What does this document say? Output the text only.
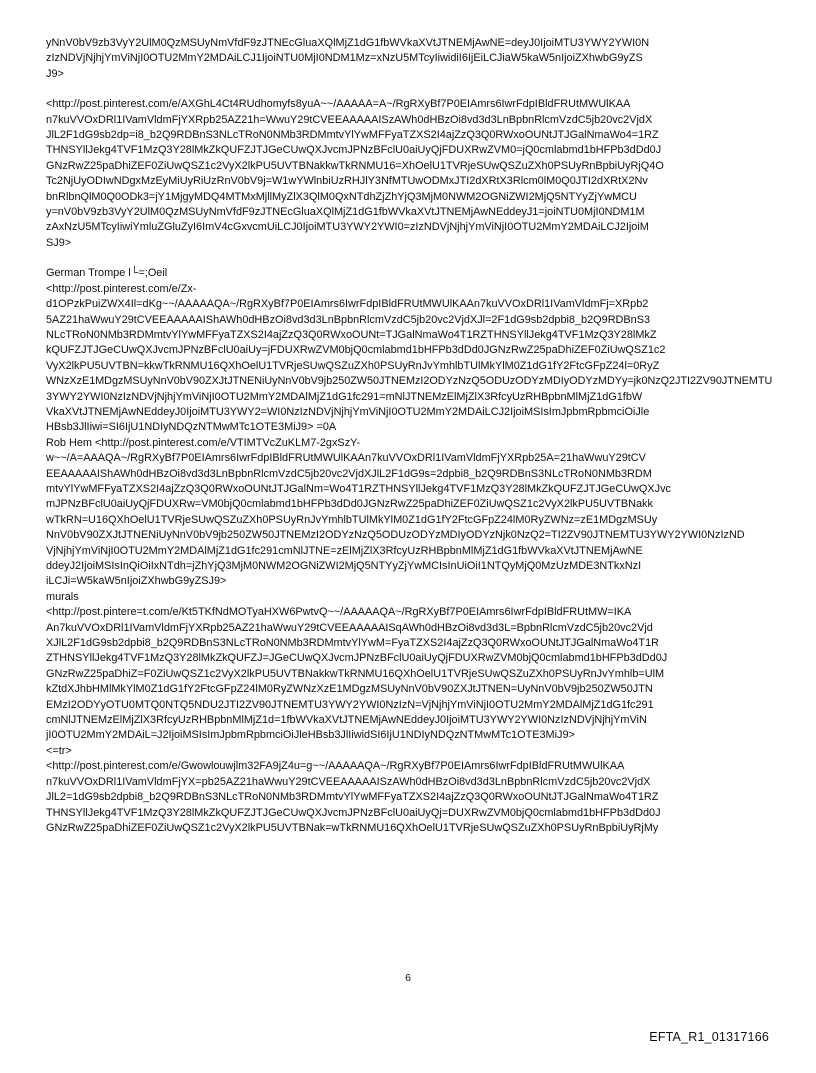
yNnV0bV9zb3VyY2UlM0QzMSUyNmVfdF9zJTNEcGluaXQlMjZ1dG1fbWVkaXVtJTNEMjAwNE=deyJ0IjoiMTU3YWY2YWI0N
zIzNDVjNjhjYmViNjI0OTU2MmY2MDAiLCJ1IjoiNTU0MjI0NDM1Mz=xNzU5MTcyIiwidiI6IjEiLCJiaW5kaW5nIjoiZXhwbG9yZS
J9>
<http://post.pinterest.com/e/AXGhL4Ct4RUdhomyfs8yuA~~/AAAAA=A~/RgRXyBf7P0EIAmrs6IwrFdpIBldFRUtMWUlKAA
n7kuVVOxDRl1IVamVldmFjYXRpb25AZ21h=WwuY29tCVEEAAAAAISzAWh0dHBzOi8vd3d3LnBpbnRlcmVzdC5jb20vc2VjdX
JlL2F1dG9sb2dp=i8_b2Q9RDBnS3NLcTRoN0NMb3RDMmtvYlYwMFFyaTZXS2I4ajZzQ3Q0RWxoOUNtJTJGalNmaWo4=1RZ
THNSYllJekg4TVF1MzQ3Y28lMkZkQUFZJTJGeCUwQXJvcmJPNzBFclU0aiUyQjFDUXRwZVM0=jQ0cmlabmd1bHFPb3dDd0J
GNzRwZ25paDhiZEF0ZiUwQSZ1c2VyX2lkPU5UVTBNakkwTkRNMU16=XhOelU1TVRjeSUwQSZuZXh0PSUyRnBpbiUyRjQ4O
Tc2NjUyODIwNDgxMzEyMiUyRiUzRnV0bV9j=W1wYWlnbiUzRHJlY3NfMTUwODMxJTI2dXRtX3Rlcm0lM0Q0JTI2dXRtX2Nv
bnRlbnQlM0Q0ODk3=jY1MjgyMDQ4MTMxMjllMyZlX3QlM0QxNTdhZjZhYjQ3MjM0NWM2OGNiZWI2MjQ5NTYyZjYwMCU
y=nV0bV9zb3VyY2UlM0QzMSUyNmVfdF9zJTNEcGluaXQlMjZ1dG1fbWVkaXVtJTNEMjAwNEddeyJ1=joiNTU0MjI0NDM1M
zAxNzU5MTcyIiwiYmluZGluZyI6ImV4cGxvcmUiLCJ0IjoiMTU3YWY2YWI0=zIzNDVjNjhjYmViNjI0OTU2MmY2MDAiLCJ2IjoiM
SJ9>
German Trompe l└=;Oeil
<http://post.pinterest.com/e/Zx-
d1OPzkPuiZWX4Il=dKg~~/AAAAAQA~/RgRXyBf7P0EIAmrs6IwrFdpIBldFRUtMWUlKAAn7kuVVOxDRl1IVamVldmFj=XRpb2
5AZ21haWwuY29tCVEEAAAAAIShAWh0dHBzOi8vd3d3LnBpbnRlcmVzdC5jb20vc2VjdXJl=2F1dG9sb2dpbi8_b2Q9RDBnS3
NLcTRoN0NMb3RDMmtvYlYwMFFyaTZXS2I4ajZzQ3Q0RWxoOUNt=TJGalNmaWo4T1RZTHNSYllJekg4TVF1MzQ3Y28lMkZ
kQUFZJTJGeCUwQXJvcmJPNzBFclU0aiUy=jFDUXRwZVM0bjQ0cmlabmd1bHFPb3dDd0JGNzRwZ25paDhiZEF0ZiUwQSZ1c2
VyX2lkPU5UVTBN=kkwTkRNMU16QXhOelU1TVRjeSUwQSZuZXh0PSUyRnJvYmhlbTUlMkYlM0Z1dG1fY2FtcGFpZ24l=0RyZ
WNzXzE1MDgzMSUyNnV0bV90ZXJtJTNENiUyNnV0bV9jb250ZW50JTNEMzI2ODYzNzQ5ODUzODYzMDIyODYzMDYy=jk0NzQ2JTI2ZV90JTNEMTU
3YWY2YWI0NzIzNDVjNjhjYmViNjI0OTU2MmY2MDAlMjZ1dG1fc291=mNlJTNEMzElMjZlX3RfcyUzRHBpbnMlMjZ1dG1fbW
VkaXVtJTNEMjAwNEddeyJ0IjoiMTU3YWY2=WI0NzIzNDVjNjhjYmViNjI0OTU2MmY2MDAiLCJ2IjoiMSIsImJpbmRpbmciOiJle
HBsb3JlIiwi=SI6IjU1NDIyNDQzNTMwMTc1OTE3MiJ9> =0A
Rob Hem <http://post.pinterest.com/e/VTIMTVcZuKLM7-2gxSzY-
w~~/A=AAAQA~/RgRXyBf7P0EIAmrs6IwrFdpIBldFRUtMWUlKAAn7kuVVOxDRl1IVamVldmFjYXRpb25A=21haWwuY29tCV
EEAAAAAIShAWh0dHBzOi8vd3d3LnBpbnRlcmVzdC5jb20vc2VjdXJlL2F1dG9s=2dpbi8_b2Q9RDBnS3NLcTRoN0NMb3RDM
mtvYlYwMFFyaTZXS2I4ajZzQ3Q0RWxoOUNtJTJGalNm=Wo4T1RZTHNSYllJekg4TVF1MzQ3Y28lMkZkQUFZJTJGeCUwQXJvc
mJPNzBFclU0aiUyQjFDUXRw=VM0bjQ0cmlabmd1bHFPb3dDd0JGNzRwZ25paDhiZEF0ZiUwQSZ1c2VyX2lkPU5UVTBNakk
wTkRN=U16QXhOelU1TVRjeSUwQSZuZXh0PSUyRnJvYmhlbTUlMkYlM0Z1dG1fY2FtcGFpZ24lM0RyZWNz=zE1MDgzMSUy
NnV0bV90ZXJtJTNENiUyNnV0bV9jb250ZW50JTNEMzI2ODYzNzQ5ODUzODYzMDIyODYzNjk0NzQ2=TI2ZV90JTNEMTU3YWY2YWI0NzIzND
VjNjhjYmViNjI0OTU2MmY2MDAlMjZ1dG1fc291cmNlJTNE=zElMjZlX3RfcyUzRHBpbnMlMjZ1dG1fbWVkaXVtJTNEMjAwNE
ddeyJ2IjoiMSIsInQiOiIxNTdh=jZhYjQ3MjM0NWM2OGNiZWI2MjQ5NTYyZjYwMCIsInUiOiI1NTQyMjQ0MzUzMDE3NTkxNzI
iLCJi=W5kaW5nIjoiZXhwbG9yZSJ9>
murals
<http://post.pintere=t.com/e/Kt5TKfNdMOTyaHXW6PwtvQ~~/AAAAAQA~/RgRXyBf7P0EIAmrs6IwrFdpIBldFRUtMW=IKA
An7kuVVOxDRl1IVamVldmFjYXRpb25AZ21haWwuY29tCVEEAAAAAISqAWh0dHBzOi8vd3d3L=BpbnRlcmVzdC5jb20vc2Vjd
XJlL2F1dG9sb2dpbi8_b2Q9RDBnS3NLcTRoN0NMb3RDMmtvYlYwM=FyaTZXS2I4ajZzQ3Q0RWxoOUNtJTJGalNmaWo4T1R
ZTHNSYllJekg4TVF1MzQ3Y28lMkZkQUFZJ=JGeCUwQXJvcmJPNzBFclU0aiUyQjFDUXRwZVM0bjQ0cmlabmd1bHFPb3dDd0J
GNzRwZ25paDhiZ=F0ZiUwQSZ1c2VyX2lkPU5UVTBNakkwTkRNMU16QXhOelU1TVRjeSUwQSZuZXh0PSUyRnJvYmhlb=UlM
kZtdXJhbHMlMkYlM0Z1dG1fY2FtcGFpZ24lM0RyZWNzXzE1MDgzMSUyNnV0bV90ZXJtJTNEN=UyNnV0bV9jb250ZW50JTN
EMzI2ODYyOTU0MTQ0NTQ5NDU2JTI2ZV90JTNEMTU3YWY2YWI0NzIzN=VjNjhjYmViNjI0OTU2MmY2MDAlMjZ1dG1fc291
cmNlJTNEMzElMjZlX3RfcyUzRHBpbnMlMjZ1d=1fbWVkaXVtJTNEMjAwNEddeyJ0IjoiMTU3YWY2YWI0NzIzNDVjNjhjYmViN
jI0OTU2MmY2MDAiL=J2IjoiMSIsImJpbmRpbmciOiJleHBsb3JlIiwidSI6IjU1NDIyNDQzNTMwMTc1OTE3MiJ9>
<=tr>
<http://post.pinterest.com/e/Gwowlouwjlm32FA9jZ4u=g~~/AAAAAQA~/RgRXyBf7P0EIAmrs6IwrFdpIBldFRUtMWUlKAA
n7kuVVOxDRl1IVamVldmFjYX=pb25AZ21haWwuY29tCVEEAAAAAISzAWh0dHBzOi8vd3d3LnBpbnRlcmVzdC5jb20vc2VjdX
JlL2=1dG9sb2dpbi8_b2Q9RDBnS3NLcTRoN0NMb3RDMmtvYlYwMFFyaTZXS2I4ajZzQ3Q0RWxoOUNtJTJGalNmaWo4T1RZ
THNSYllJekg4TVF1MzQ3Y28lMkZkQUFZJTJGeCUwQXJvcmJPNzBFclU0aiUyQj=DUXRwZVM0bjQ0cmlabmd1bHFPb3dDd0J
GNzRwZ25paDhiZEF0ZiUwQSZ1c2VyX2lkPU5UVTBNak=wTkRNMU16QXhOelU1TVRjeSUwQSZuZXh0PSUyRnBpbiUyRjMy
6
EFTA_R1_01317166
